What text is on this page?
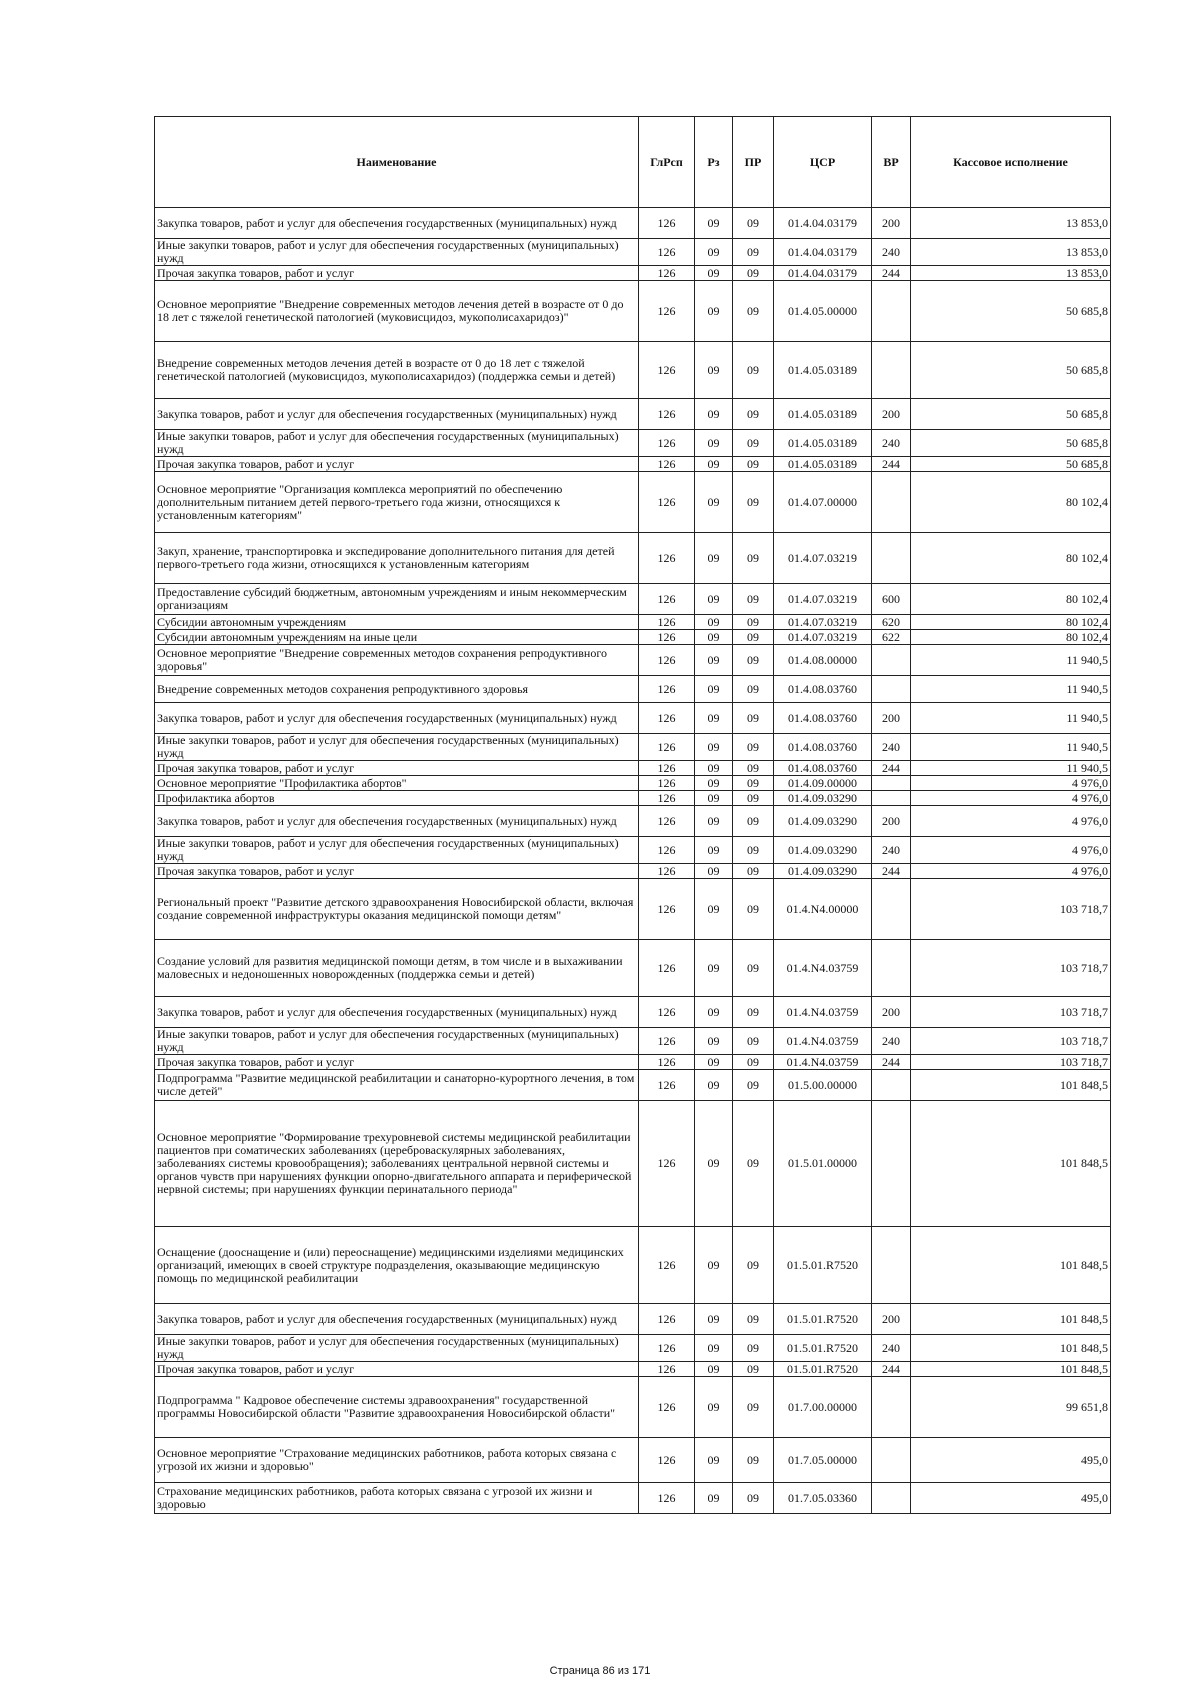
Наименование	ГлРсп	Рз	ПР	ЦСР	ВР	Кассовое исполнение
Закупка товаров, работ и услуг для обеспечения государственных (муниципальных) нужд	126	09	09	01.4.04.03179	200	13 853,0
Иные закупки товаров, работ и услуг для обеспечения государственных (муниципальных) нужд	126	09	09	01.4.04.03179	240	13 853,0
Прочая закупка товаров, работ и услуг	126	09	09	01.4.04.03179	244	13 853,0
Основное мероприятие "Внедрение современных методов лечения детей в возрасте от 0 до 18 лет с тяжелой генетической патологией (муковисцидоз, мукополисахаридоз)"	126	09	09	01.4.05.00000		50 685,8
Внедрение современных методов лечения детей в возрасте от 0 до 18 лет с тяжелой генетической патологией (муковисцидоз, мукополисахаридоз) (поддержка семьи и детей)	126	09	09	01.4.05.03189		50 685,8
Закупка товаров, работ и услуг для обеспечения государственных (муниципальных) нужд	126	09	09	01.4.05.03189	200	50 685,8
Иные закупки товаров, работ и услуг для обеспечения государственных (муниципальных) нужд	126	09	09	01.4.05.03189	240	50 685,8
Прочая закупка товаров, работ и услуг	126	09	09	01.4.05.03189	244	50 685,8
Основное мероприятие "Организация комплекса мероприятий по обеспечению дополнительным питанием детей первого-третьего года жизни, относящихся к установленным категориям"	126	09	09	01.4.07.00000		80 102,4
Закуп, хранение, транспортировка и экспедирование дополнительного питания для детей первого-третьего года жизни, относящихся к установленным категориям	126	09	09	01.4.07.03219		80 102,4
Предоставление субсидий бюджетным, автономным учреждениям и иным некоммерческим организациям	126	09	09	01.4.07.03219	600	80 102,4
Субсидии автономным учреждениям	126	09	09	01.4.07.03219	620	80 102,4
Субсидии автономным учреждениям на иные цели	126	09	09	01.4.07.03219	622	80 102,4
Основное мероприятие "Внедрение современных методов сохранения репродуктивного здоровья"	126	09	09	01.4.08.00000		11 940,5
Внедрение современных методов сохранения репродуктивного здоровья	126	09	09	01.4.08.03760		11 940,5
Закупка товаров, работ и услуг для обеспечения государственных (муниципальных) нужд	126	09	09	01.4.08.03760	200	11 940,5
Иные закупки товаров, работ и услуг для обеспечения государственных (муниципальных) нужд	126	09	09	01.4.08.03760	240	11 940,5
Прочая закупка товаров, работ и услуг	126	09	09	01.4.08.03760	244	11 940,5
Основное мероприятие "Профилактика абортов"	126	09	09	01.4.09.00000		4 976,0
Профилактика абортов	126	09	09	01.4.09.03290		4 976,0
Закупка товаров, работ и услуг для обеспечения государственных (муниципальных) нужд	126	09	09	01.4.09.03290	200	4 976,0
Иные закупки товаров, работ и услуг для обеспечения государственных (муниципальных) нужд	126	09	09	01.4.09.03290	240	4 976,0
Прочая закупка товаров, работ и услуг	126	09	09	01.4.09.03290	244	4 976,0
Региональный проект "Развитие детского здравоохранения Новосибирской области, включая создание современной инфраструктуры оказания медицинской помощи детям"	126	09	09	01.4.N4.00000		103 718,7
Создание условий для развития медицинской помощи детям, в том числе и в выхаживании маловесных и недоношенных новорожденных (поддержка семьи и детей)	126	09	09	01.4.N4.03759		103 718,7
Закупка товаров, работ и услуг для обеспечения государственных (муниципальных) нужд	126	09	09	01.4.N4.03759	200	103 718,7
Иные закупки товаров, работ и услуг для обеспечения государственных (муниципальных) нужд	126	09	09	01.4.N4.03759	240	103 718,7
Прочая закупка товаров, работ и услуг	126	09	09	01.4.N4.03759	244	103 718,7
Подпрограмма "Развитие медицинской реабилитации и санаторно-курортного лечения, в том числе детей"	126	09	09	01.5.00.00000		101 848,5
Основное мероприятие "Формирование трехуровневой системы медицинской реабилитации пациентов при соматических заболеваниях (цереброваскулярных заболеваниях, заболеваниях системы кровообращения); заболеваниях центральной нервной системы и органов чувств при нарушениях функции опорно-двигательного аппарата и периферической нервной системы; при нарушениях функции перинатального периода"	126	09	09	01.5.01.00000		101 848,5
Оснащение (дооснащение и (или) переоснащение) медицинскими изделиями медицинских организаций, имеющих в своей структуре подразделения, оказывающие медицинскую помощь по медицинской реабилитации	126	09	09	01.5.01.R7520		101 848,5
Закупка товаров, работ и услуг для обеспечения государственных (муниципальных) нужд	126	09	09	01.5.01.R7520	200	101 848,5
Иные закупки товаров, работ и услуг для обеспечения государственных (муниципальных) нужд	126	09	09	01.5.01.R7520	240	101 848,5
Прочая закупка товаров, работ и услуг	126	09	09	01.5.01.R7520	244	101 848,5
Подпрограмма " Кадровое обеспечение системы здравоохранения" государственной программы Новосибирской области "Развитие здравоохранения Новосибирской области"	126	09	09	01.7.00.00000		99 651,8
Основное мероприятие "Страхование медицинских работников, работа которых связана с угрозой их жизни и здоровью"	126	09	09	01.7.05.00000		495,0
Страхование медицинских работников, работа которых связана с угрозой их жизни и здоровью	126	09	09	01.7.05.03360		495,0
Страница 86 из 171
